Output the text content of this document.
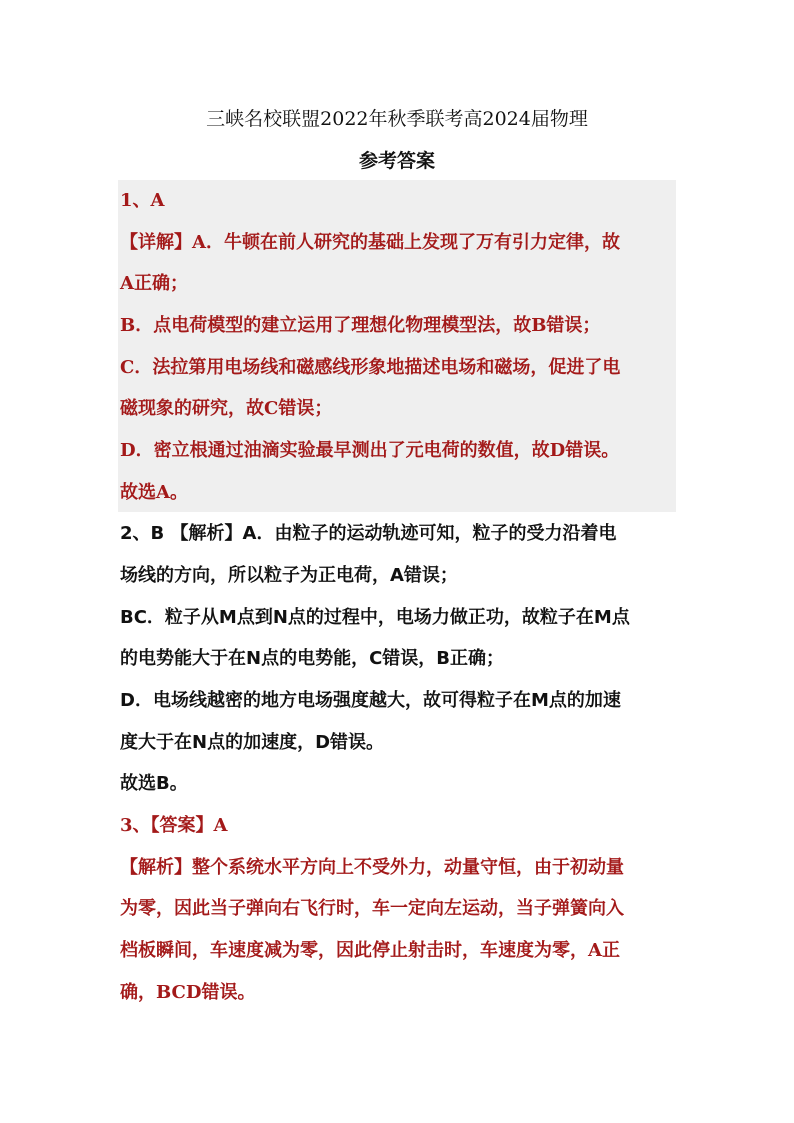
三峡名校联盟2022年秋季联考高2024届物理
参考答案
1、A
【详解】A．牛顿在前人研究的基础上发现了万有引力定律，故
A正确；
B．点电荷模型的建立运用了理想化物理模型法，故B错误；
C．法拉第用电场线和磁感线形象地描述电场和磁场，促进了电
磁现象的研究，故C错误；
D．密立根通过油滴实验最早测出了元电荷的数值，故D错误。
故选A。
2、B 【解析】A．由粒子的运动轨迹可知，粒子的受力沿着电
场线的方向，所以粒子为正电荷，A错误；
BC．粒子从M点到N点的过程中，电场力做正功，故粒子在M点
的电势能大于在N点的电势能，C错误，B正确；
D．电场线越密的地方电场强度越大，故可得粒子在M点的加速
度大于在N点的加速度，D错误。
故选B。
3、【答案】A
【解析】整个系统水平方向上不受外力，动量守恒，由于初动量
为零，因此当子弹向右飞行时，车一定向左运动，当子弹簧向入
档板瞬间，车速度减为零，因此停止射击时，车速度为零，A正
确，BCD错误。
